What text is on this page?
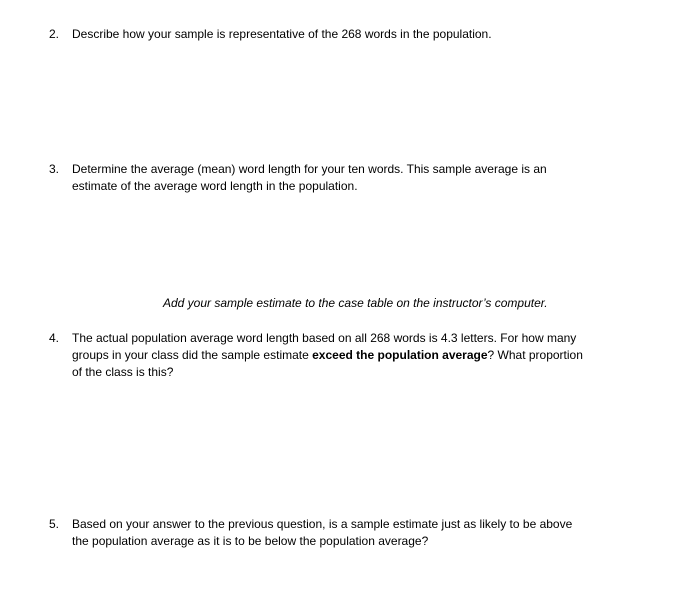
2.	Describe how your sample is representative of the 268 words in the population.
3.	Determine the average (mean) word length for your ten words. This sample average is an
estimate of the average word length in the population.
Add your sample estimate to the case table on the instructor’s computer.
4.	The actual population average word length based on all 268 words is 4.3 letters. For how many
groups in your class did the sample estimate exceed the population average? What proportion
of the class is this?
5.	Based on your answer to the previous question, is a sample estimate just as likely to be above
the population average as it is to be below the population average?
